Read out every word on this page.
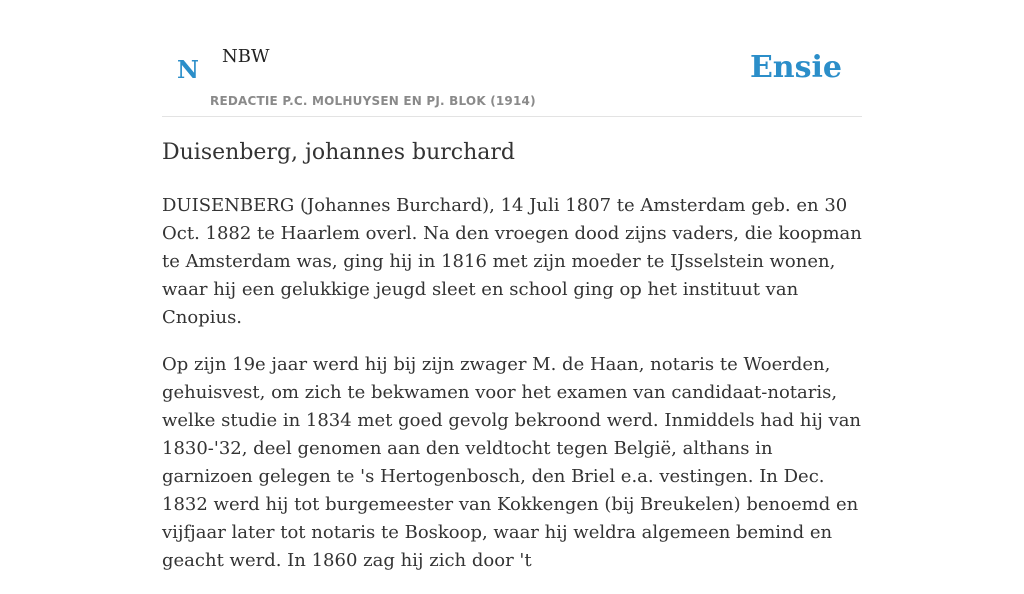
N NBW
REDACTIE P.C. MOLHUYSEN EN PJ. BLOK (1914)
Ensie
Duisenberg, johannes burchard

DUISENBERG (Johannes Burchard), 14 Juli 1807 te Amsterdam geb. en 30 Oct. 1882 te Haarlem overl. Na den vroegen dood zijns vaders, die koopman te Amsterdam was, ging hij in 1816 met zijn moeder te IJsselstein wonen, waar hij een gelukkige jeugd sleet en school ging op het instituut van Cnopius.

Op zijn 19e jaar werd hij bij zijn zwager M. de Haan, notaris te Woerden, gehuisvest, om zich te bekwamen voor het examen van candidaat-notaris, welke studie in 1834 met goed gevolg bekroond werd. Inmiddels had hij van 1830-'32, deel genomen aan den veldtocht tegen België, althans in garnizoen gelegen te 's Hertogenbosch, den Briel e.a. vestingen. In Dec. 1832 werd hij tot burgemeester van Kokkengen (bij Breukelen) benoemd en vijfjaar later tot notaris te Boskoop, waar hij weldra algemeen bemind en geacht werd. In 1860 zag hij zich door 't
